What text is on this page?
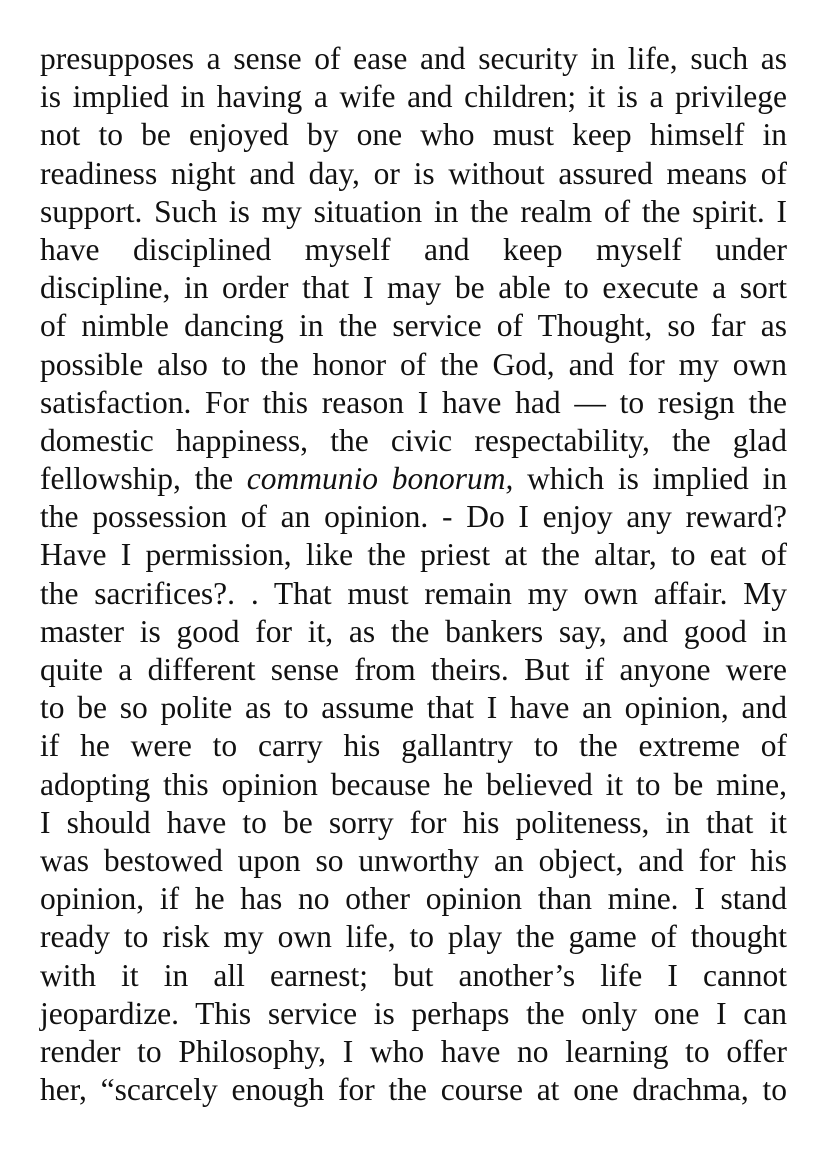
presupposes a sense of ease and security in life, such as
is implied in having a wife and children; it is a privilege
not to be enjoyed by one who must keep himself in
readiness night and day, or is without assured means of
support. Such is my situation in the realm of the spirit. I
have disciplined myself and keep myself under
discipline, in order that I may be able to execute a sort
of nimble dancing in the service of Thought, so far as
possible also to the honor of the God, and for my own
satisfaction. For this reason I have had — to resign the
domestic happiness, the civic respectability, the glad
fellowship, the communio bonorum, which is implied in
the possession of an opinion. - Do I enjoy any reward?
Have I permission, like the priest at the altar, to eat of
the sacrifices?. . That must remain my own affair. My
master is good for it, as the bankers say, and good in
quite a different sense from theirs. But if anyone were
to be so polite as to assume that I have an opinion, and
if he were to carry his gallantry to the extreme of
adopting this opinion because he believed it to be mine,
I should have to be sorry for his politeness, in that it
was bestowed upon so unworthy an object, and for his
opinion, if he has no other opinion than mine. I stand
ready to risk my own life, to play the game of thought
with it in all earnest; but another’s life I cannot
jeopardize. This service is perhaps the only one I can
render to Philosophy, I who have no learning to offer
her, “scarcely enough for the course at one drachma, to
